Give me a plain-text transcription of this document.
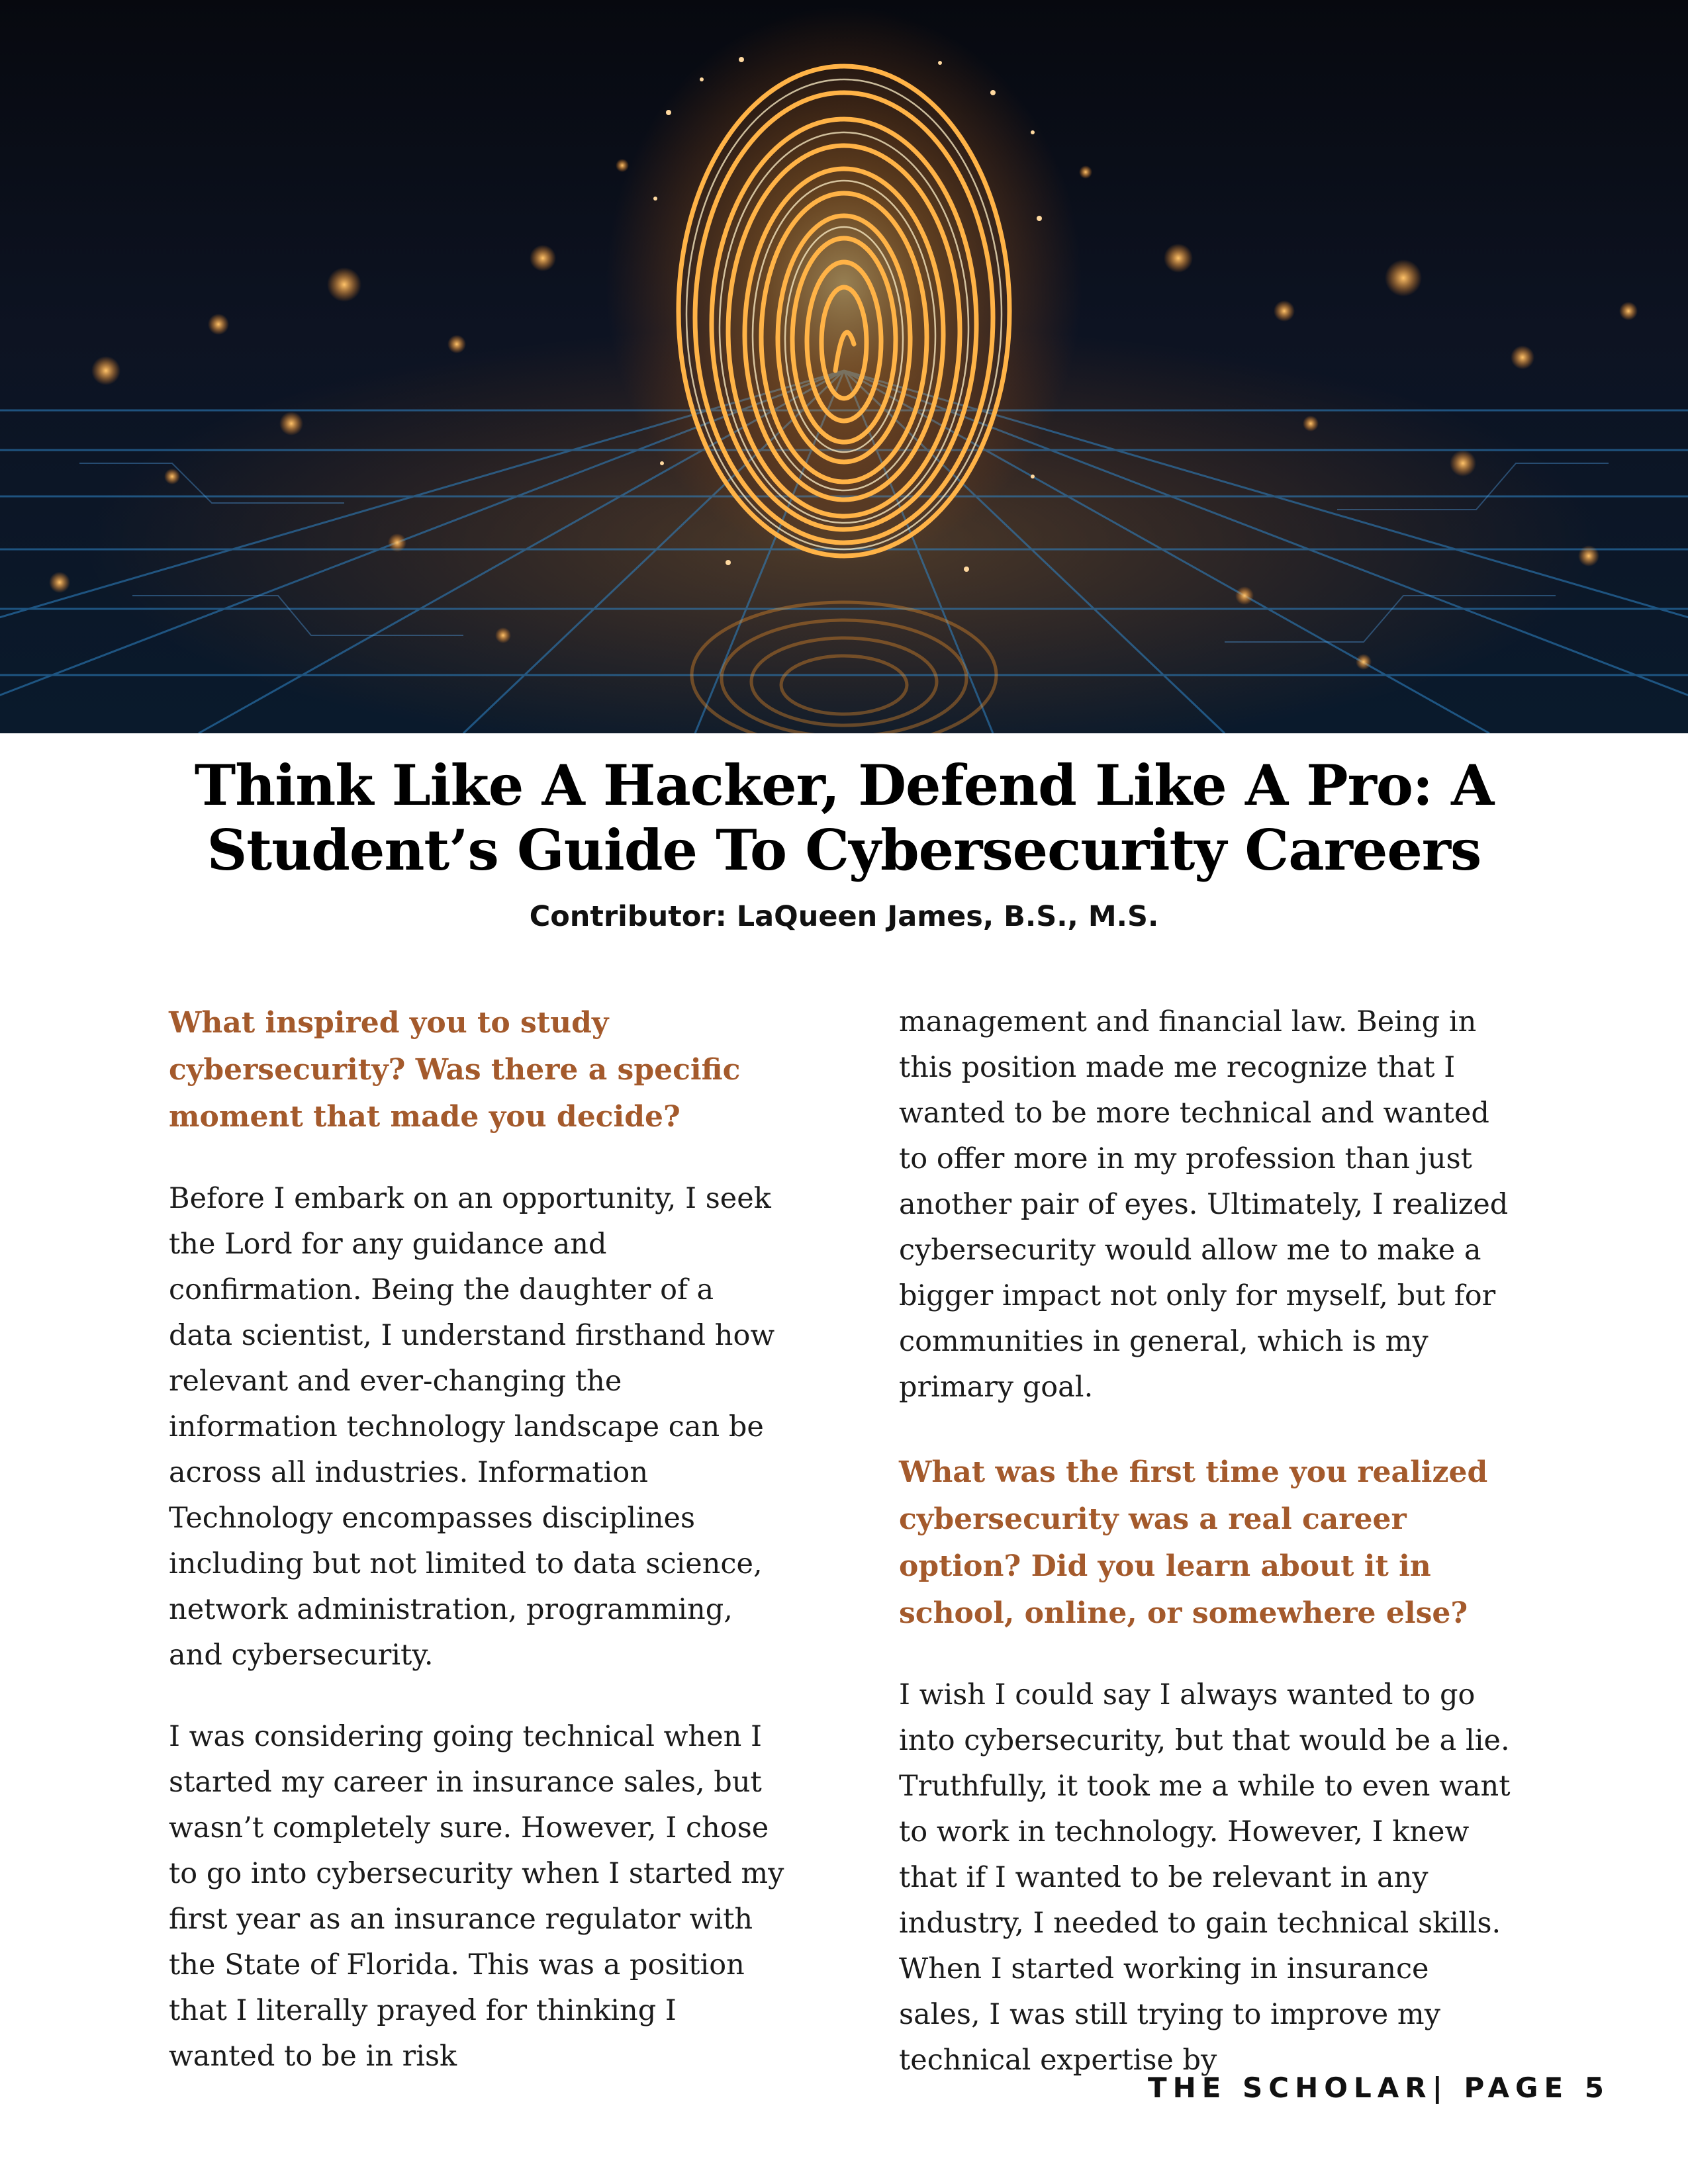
Think Like A Hacker, Defend Like A Pro: A Student’s Guide To Cybersecurity Careers
Contributor: LaQueen James, B.S., M.S.

What inspired you to study cybersecurity? Was there a specific moment that made you decide?

Before I embark on an opportunity, I seek the Lord for any guidance and confirmation. Being the daughter of a data scientist, I understand firsthand how relevant and ever-changing the information technology landscape can be across all industries. Information Technology encompasses disciplines including but not limited to data science, network administration, programming, and cybersecurity.

I was considering going technical when I started my career in insurance sales, but wasn’t completely sure. However, I chose to go into cybersecurity when I started my first year as an insurance regulator with the State of Florida. This was a position that I literally prayed for thinking I wanted to be in risk

management and financial law. Being in this position made me recognize that I wanted to be more technical and wanted to offer more in my profession than just another pair of eyes. Ultimately, I realized cybersecurity would allow me to make a bigger impact not only for myself, but for communities in general, which is my primary goal.

What was the first time you realized cybersecurity was a real career option? Did you learn about it in school, online, or somewhere else?

I wish I could say I always wanted to go into cybersecurity, but that would be a lie. Truthfully, it took me a while to even want to work in technology. However, I knew that if I wanted to be relevant in any industry, I needed to gain technical skills. When I started working in insurance sales, I was still trying to improve my technical expertise by

THE SCHOLAR| PAGE 5
